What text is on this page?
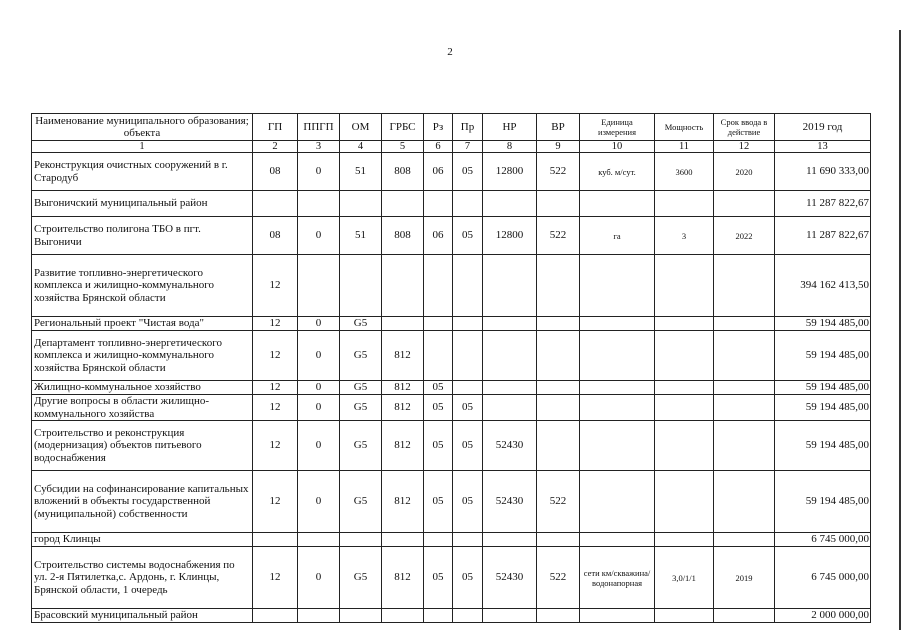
2
Наименование муниципального образования; объекта	ГП	ППГП	ОМ	ГРБС	Рз	Пр	НР	ВР	Единица измерения	Мощность	Срок ввода в действие	2019 год
1	2	3	4	5	6	7	8	9	10	11	12	13
Реконструкция очистных сооружений в г. Стародуб	08	0	51	808	06	05	12800	522	куб. м/сут.	3600	2020	11 690 333,00
Выгоничский муниципальный район												11 287 822,67
Строительство полигона ТБО в пгт. Выгоничи	08	0	51	808	06	05	12800	522	га	3	2022	11 287 822,67
Развитие топливно-энергетического комплекса и жилищно-коммунального хозяйства Брянской области	12											394 162 413,50
Региональный проект "Чистая вода"	12	0	G5									59 194 485,00
Департамент топливно-энергетического комплекса и жилищно-коммунального хозяйства Брянской области	12	0	G5	812								59 194 485,00
Жилищно-коммунальное хозяйство	12	0	G5	812	05							59 194 485,00
Другие вопросы в области жилищно-коммунального хозяйства	12	0	G5	812	05	05						59 194 485,00
Строительство и реконструкция (модернизация) объектов питьевого водоснабжения	12	0	G5	812	05	05	52430					59 194 485,00
Субсидии на софинансирование капитальных вложений в объекты государственной (муниципальной) собственности	12	0	G5	812	05	05	52430	522				59 194 485,00
город Клинцы												6 745 000,00
Строительство системы водоснабжения по ул. 2-я Пятилетка,с. Ардонь, г. Клинцы, Брянской области, 1 очередь	12	0	G5	812	05	05	52430	522	сети км/скважина/ водонапорная	3,0/1/1	2019	6 745 000,00
Брасовский муниципальный район												2 000 000,00
